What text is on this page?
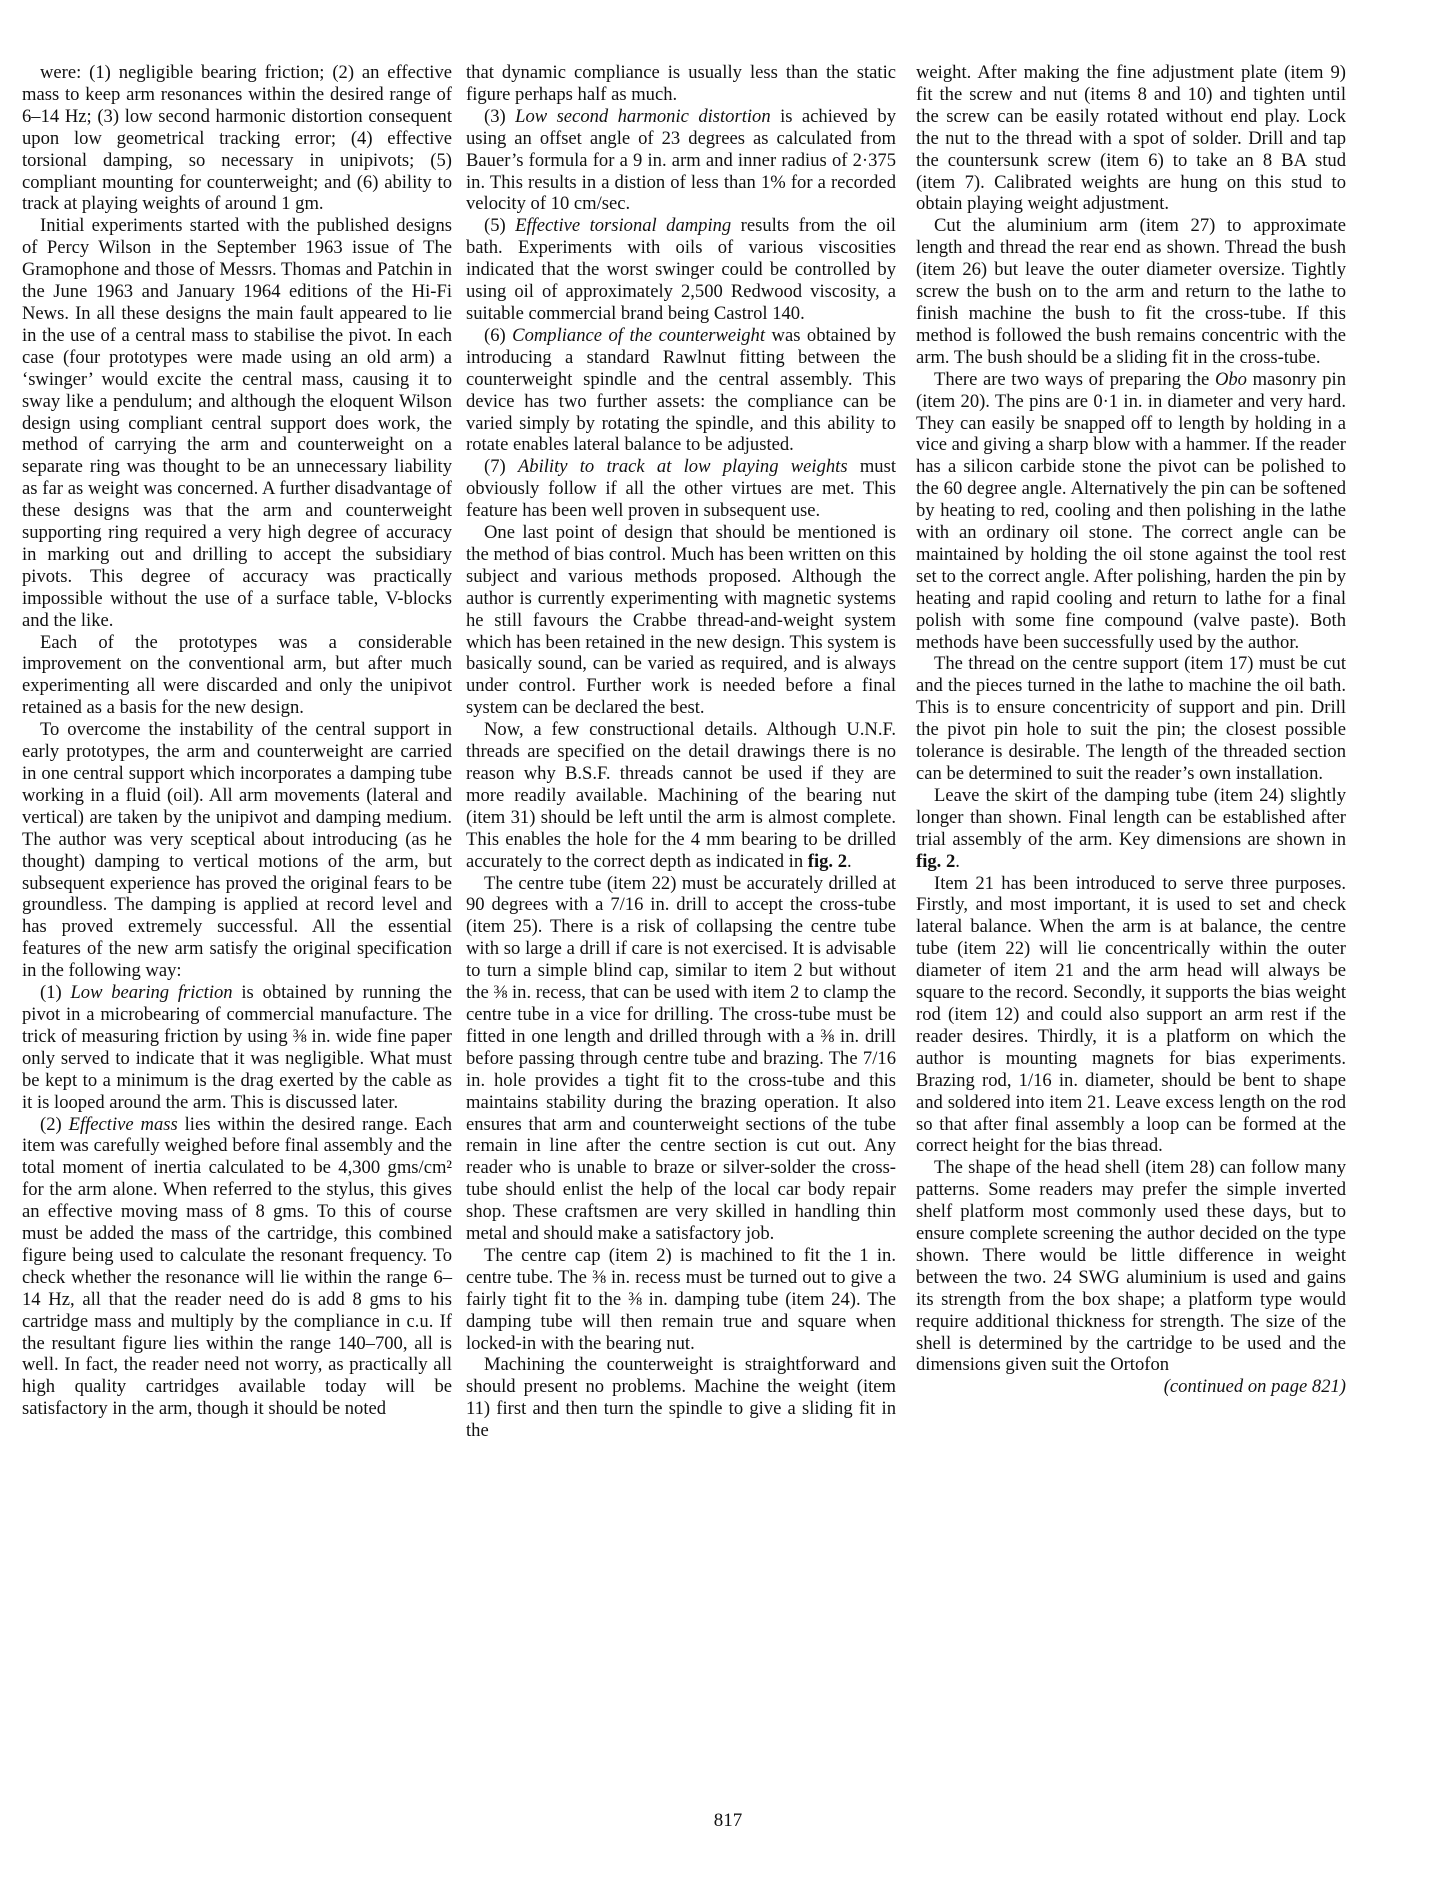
were: (1) negligible bearing friction; (2) an effective mass to keep arm resonances within the desired range of 6–14 Hz; (3) low second harmonic distortion consequent upon low geometrical tracking error; (4) effective torsional damping, so necessary in unipivots; (5) compliant mounting for counterweight; and (6) ability to track at playing weights of around 1 gm.

Initial experiments started with the published designs of Percy Wilson in the September 1963 issue of The Gramophone and those of Messrs. Thomas and Patchin in the June 1963 and January 1964 editions of the Hi-Fi News. In all these designs the main fault appeared to lie in the use of a central mass to stabilise the pivot. In each case (four prototypes were made using an old arm) a ‘swinger’ would excite the central mass, causing it to sway like a pendulum; and although the eloquent Wilson design using compliant central support does work, the method of carrying the arm and counterweight on a separate ring was thought to be an unnecessary liability as far as weight was concerned. A further disadvantage of these designs was that the arm and counterweight supporting ring required a very high degree of accuracy in marking out and drilling to accept the subsidiary pivots. This degree of accuracy was practically impossible without the use of a surface table, V-blocks and the like.

Each of the prototypes was a considerable improvement on the conventional arm, but after much experimenting all were discarded and only the unipivot retained as a basis for the new design.

To overcome the instability of the central support in early prototypes, the arm and counterweight are carried in one central support which incorporates a damping tube working in a fluid (oil). All arm movements (lateral and vertical) are taken by the unipivot and damping medium. The author was very sceptical about introducing (as he thought) damping to vertical motions of the arm, but subsequent experience has proved the original fears to be groundless. The damping is applied at record level and has proved extremely successful. All the essential features of the new arm satisfy the original specification in the following way:

(1) Low bearing friction is obtained by running the pivot in a microbearing of commercial manufacture. The trick of measuring friction by using ⅜ in. wide fine paper only served to indicate that it was negligible. What must be kept to a minimum is the drag exerted by the cable as it is looped around the arm. This is discussed later.

(2) Effective mass lies within the desired range. Each item was carefully weighed before final assembly and the total moment of inertia calculated to be 4,300 gms/cm² for the arm alone. When referred to the stylus, this gives an effective moving mass of 8 gms. To this of course must be added the mass of the cartridge, this combined figure being used to calculate the resonant frequency. To check whether the resonance will lie within the range 6–14 Hz, all that the reader need do is add 8 gms to his cartridge mass and multiply by the compliance in c.u. If the resultant figure lies within the range 140–700, all is well. In fact, the reader need not worry, as practically all high quality cartridges available today will be satisfactory in the arm, though it should be noted

that dynamic compliance is usually less than the static figure perhaps half as much.

(3) Low second harmonic distortion is achieved by using an offset angle of 23 degrees as calculated from Bauer’s formula for a 9 in. arm and inner radius of 2·375 in. This results in a distion of less than 1% for a recorded velocity of 10 cm/sec.

(5) Effective torsional damping results from the oil bath. Experiments with oils of various viscosities indicated that the worst swinger could be controlled by using oil of approximately 2,500 Redwood viscosity, a suitable commercial brand being Castrol 140.

(6) Compliance of the counterweight was obtained by introducing a standard Rawlnut fitting between the counterweight spindle and the central assembly. This device has two further assets: the compliance can be varied simply by rotating the spindle, and this ability to rotate enables lateral balance to be adjusted.

(7) Ability to track at low playing weights must obviously follow if all the other virtues are met. This feature has been well proven in subsequent use.

One last point of design that should be mentioned is the method of bias control. Much has been written on this subject and various methods proposed. Although the author is currently experimenting with magnetic systems he still favours the Crabbe thread-and-weight system which has been retained in the new design. This system is basically sound, can be varied as required, and is always under control. Further work is needed before a final system can be declared the best.

Now, a few constructional details. Although U.N.F. threads are specified on the detail drawings there is no reason why B.S.F. threads cannot be used if they are more readily available. Machining of the bearing nut (item 31) should be left until the arm is almost complete. This enables the hole for the 4 mm bearing to be drilled accurately to the correct depth as indicated in fig. 2.

The centre tube (item 22) must be accurately drilled at 90 degrees with a 7/16 in. drill to accept the cross-tube (item 25). There is a risk of collapsing the centre tube with so large a drill if care is not exercised. It is advisable to turn a simple blind cap, similar to item 2 but without the ⅜ in. recess, that can be used with item 2 to clamp the centre tube in a vice for drilling. The cross-tube must be fitted in one length and drilled through with a ⅜ in. drill before passing through centre tube and brazing. The 7/16 in. hole provides a tight fit to the cross-tube and this maintains stability during the brazing operation. It also ensures that arm and counterweight sections of the tube remain in line after the centre section is cut out. Any reader who is unable to braze or silver-solder the cross-tube should enlist the help of the local car body repair shop. These craftsmen are very skilled in handling thin metal and should make a satisfactory job.

The centre cap (item 2) is machined to fit the 1 in. centre tube. The ⅜ in. recess must be turned out to give a fairly tight fit to the ⅜ in. damping tube (item 24). The damping tube will then remain true and square when locked-in with the bearing nut.

Machining the counterweight is straightforward and should present no problems. Machine the weight (item 11) first and then turn the spindle to give a sliding fit in the

weight. After making the fine adjustment plate (item 9) fit the screw and nut (items 8 and 10) and tighten until the screw can be easily rotated without end play. Lock the nut to the thread with a spot of solder. Drill and tap the countersunk screw (item 6) to take an 8 BA stud (item 7). Calibrated weights are hung on this stud to obtain playing weight adjustment.

Cut the aluminium arm (item 27) to approximate length and thread the rear end as shown. Thread the bush (item 26) but leave the outer diameter oversize. Tightly screw the bush on to the arm and return to the lathe to finish machine the bush to fit the cross-tube. If this method is followed the bush remains concentric with the arm. The bush should be a sliding fit in the cross-tube.

There are two ways of preparing the Obo masonry pin (item 20). The pins are 0·1 in. in diameter and very hard. They can easily be snapped off to length by holding in a vice and giving a sharp blow with a hammer. If the reader has a silicon carbide stone the pivot can be polished to the 60 degree angle. Alternatively the pin can be softened by heating to red, cooling and then polishing in the lathe with an ordinary oil stone. The correct angle can be maintained by holding the oil stone against the tool rest set to the correct angle. After polishing, harden the pin by heating and rapid cooling and return to lathe for a final polish with some fine compound (valve paste). Both methods have been successfully used by the author.

The thread on the centre support (item 17) must be cut and the pieces turned in the lathe to machine the oil bath. This is to ensure concentricity of support and pin. Drill the pivot pin hole to suit the pin; the closest possible tolerance is desirable. The length of the threaded section can be determined to suit the reader’s own installation.

Leave the skirt of the damping tube (item 24) slightly longer than shown. Final length can be established after trial assembly of the arm. Key dimensions are shown in fig. 2.

Item 21 has been introduced to serve three purposes. Firstly, and most important, it is used to set and check lateral balance. When the arm is at balance, the centre tube (item 22) will lie concentrically within the outer diameter of item 21 and the arm head will always be square to the record. Secondly, it supports the bias weight rod (item 12) and could also support an arm rest if the reader desires. Thirdly, it is a platform on which the author is mounting magnets for bias experiments. Brazing rod, 1/16 in. diameter, should be bent to shape and soldered into item 21. Leave excess length on the rod so that after final assembly a loop can be formed at the correct height for the bias thread.

The shape of the head shell (item 28) can follow many patterns. Some readers may prefer the simple inverted shelf platform most commonly used these days, but to ensure complete screening the author decided on the type shown. There would be little difference in weight between the two. 24 SWG aluminium is used and gains its strength from the box shape; a platform type would require additional thickness for strength. The size of the shell is determined by the cartridge to be used and the dimensions given suit the Ortofon

(continued on page 821)

817
